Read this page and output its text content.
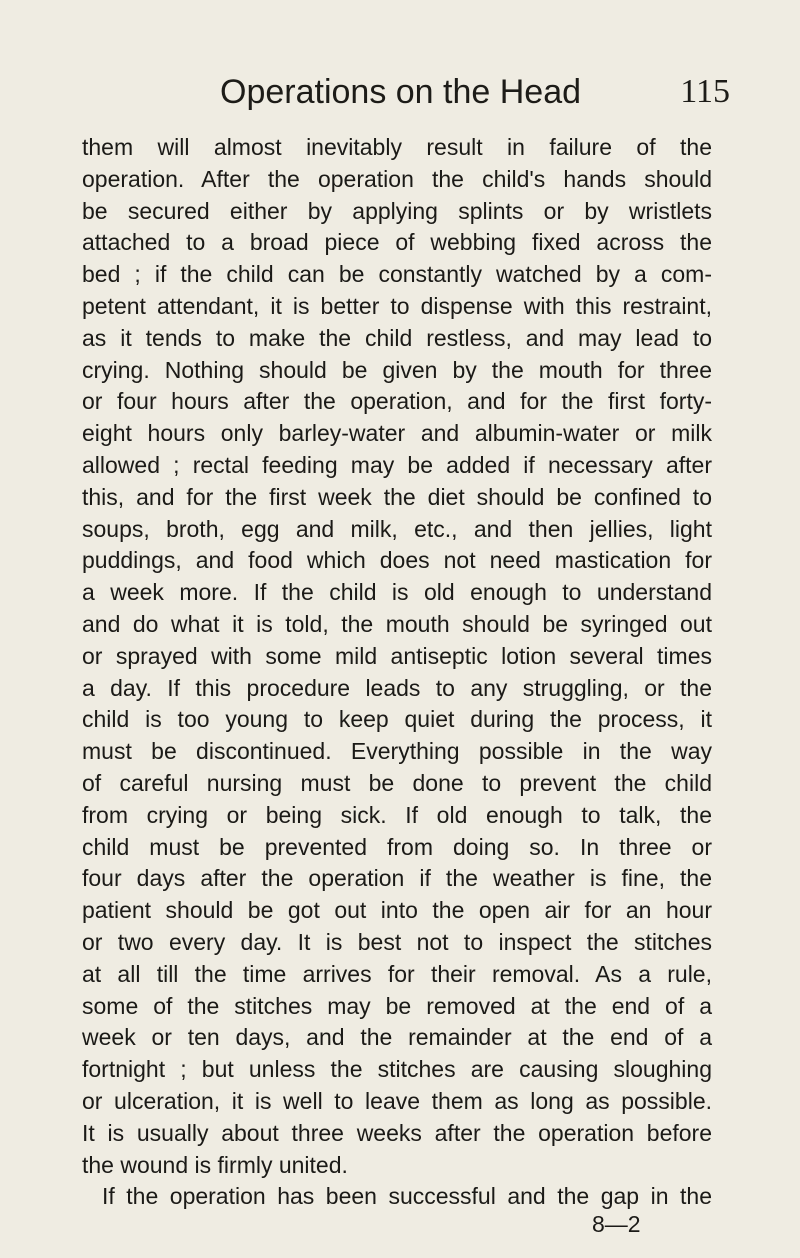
Operations on the Head	115
them will almost inevitably result in failure of the
operation. After the operation the child's hands should
be secured either by applying splints or by wristlets
attached to a broad piece of webbing fixed across the
bed ; if the child can be constantly watched by a com-
petent attendant, it is better to dispense with this restraint,
as it tends to make the child restless, and may lead to
crying. Nothing should be given by the mouth for three
or four hours after the operation, and for the first forty-
eight hours only barley-water and albumin-water or milk
allowed ; rectal feeding may be added if necessary after
this, and for the first week the diet should be confined to
soups, broth, egg and milk, etc., and then jellies, light
puddings, and food which does not need mastication for
a week more. If the child is old enough to understand
and do what it is told, the mouth should be syringed out
or sprayed with some mild antiseptic lotion several times
a day. If this procedure leads to any struggling, or the
child is too young to keep quiet during the process, it
must be discontinued. Everything possible in the way
of careful nursing must be done to prevent the child
from crying or being sick. If old enough to talk, the
child must be prevented from doing so. In three or
four days after the operation if the weather is fine, the
patient should be got out into the open air for an hour
or two every day. It is best not to inspect the stitches
at all till the time arrives for their removal. As a rule,
some of the stitches may be removed at the end of a
week or ten days, and the remainder at the end of a
fortnight ; but unless the stitches are causing sloughing
or ulceration, it is well to leave them as long as possible.
It is usually about three weeks after the operation before
the wound is firmly united.
If the operation has been successful and the gap in the
8—2
